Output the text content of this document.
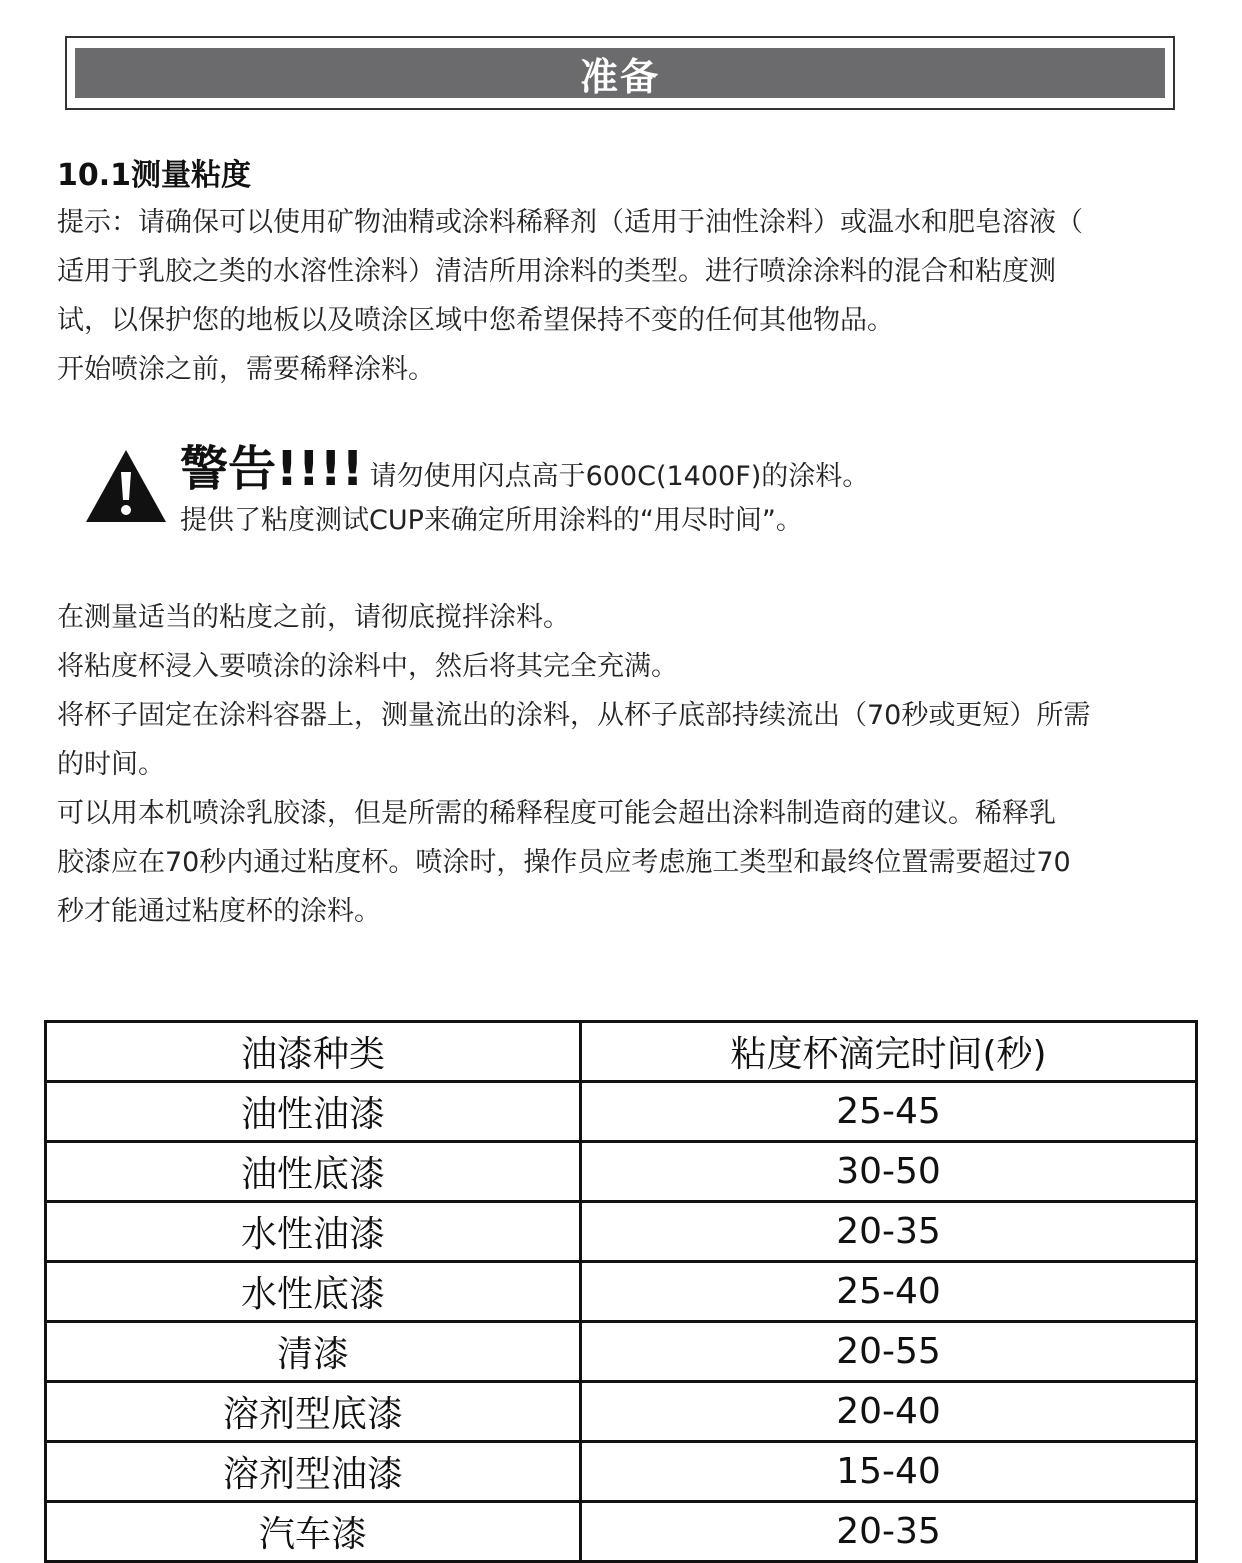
准备
10.1测量粘度
提示：请确保可以使用矿物油精或涂料稀释剂（适用于油性涂料）或温水和肥皂溶液（
适用于乳胶之类的水溶性涂料）清洁所用涂料的类型。进行喷涂涂料的混合和粘度测
试，以保护您的地板以及喷涂区域中您希望保持不变的任何其他物品。
开始喷涂之前，需要稀释涂料。
警告!!!! 请勿使用闪点高于600C(1400F)的涂料。
提供了粘度测试CUP来确定所用涂料的“用尽时间”。
在测量适当的粘度之前，请彻底搅拌涂料。
将粘度杯浸入要喷涂的涂料中，然后将其完全充满。
将杯子固定在涂料容器上，测量流出的涂料，从杯子底部持续流出（70秒或更短）所需
的时间。
可以用本机喷涂乳胶漆，但是所需的稀释程度可能会超出涂料制造商的建议。稀释乳
胶漆应在70秒内通过粘度杯。喷涂时，操作员应考虑施工类型和最终位置需要超过70
秒才能通过粘度杯的涂料。
油漆种类	粘度杯滴完时间(秒)
油性油漆	25-45
油性底漆	30-50
水性油漆	20-35
水性底漆	25-40
清漆	20-55
溶剂型底漆	20-40
溶剂型油漆	15-40
汽车漆	20-35
